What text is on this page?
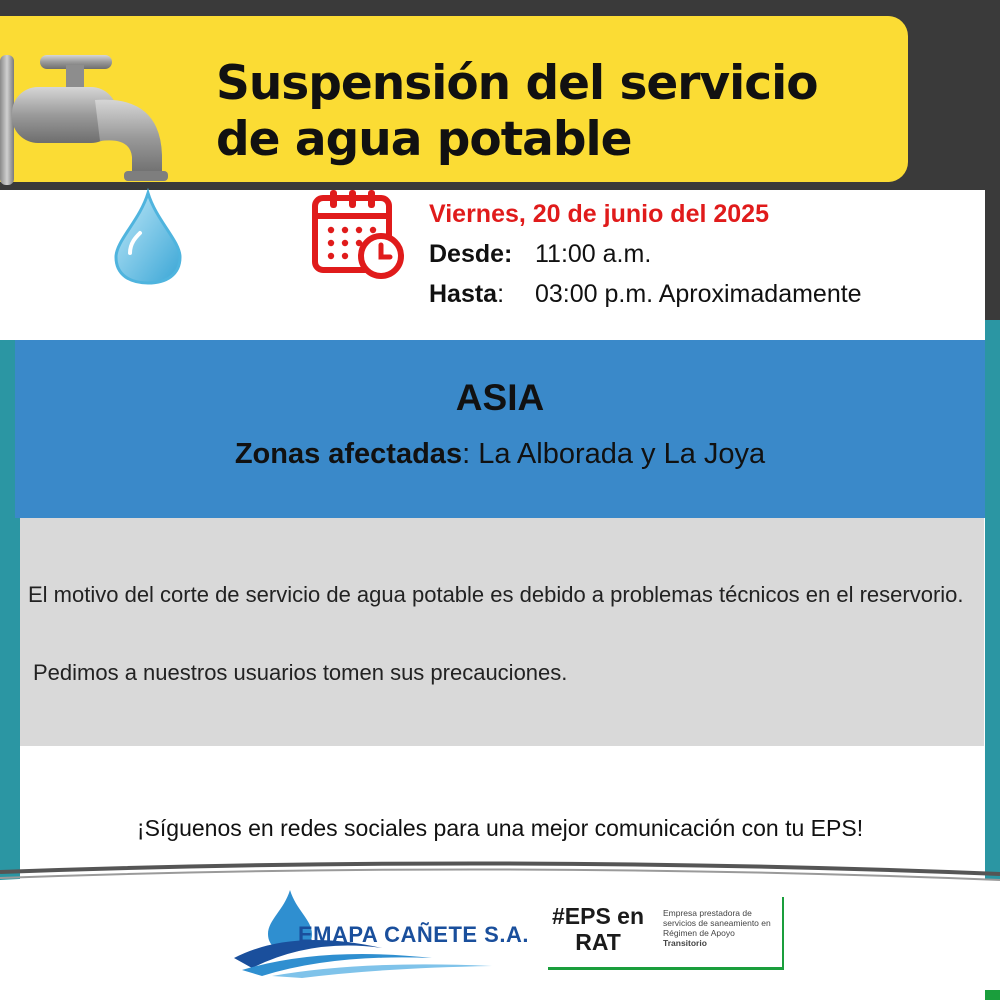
Suspensión del servicio
de agua potable
Viernes, 20 de junio del 2025
Desde: 11:00 a.m.
Hasta: 03:00 p.m. Aproximadamente
ASIA
Zonas afectadas: La Alborada y La Joya

El motivo del corte de servicio de agua potable es debido a problemas técnicos en el reservorio.

Pedimos a nuestros usuarios tomen sus precauciones.
¡Síguenos en redes sociales para una mejor comunicación con tu EPS!
EMAPA CAÑETE S.A.
#EPS en
RAT
Empresa prestadora de servicios de saneamiento en Régimen de Apoyo Transitorio
